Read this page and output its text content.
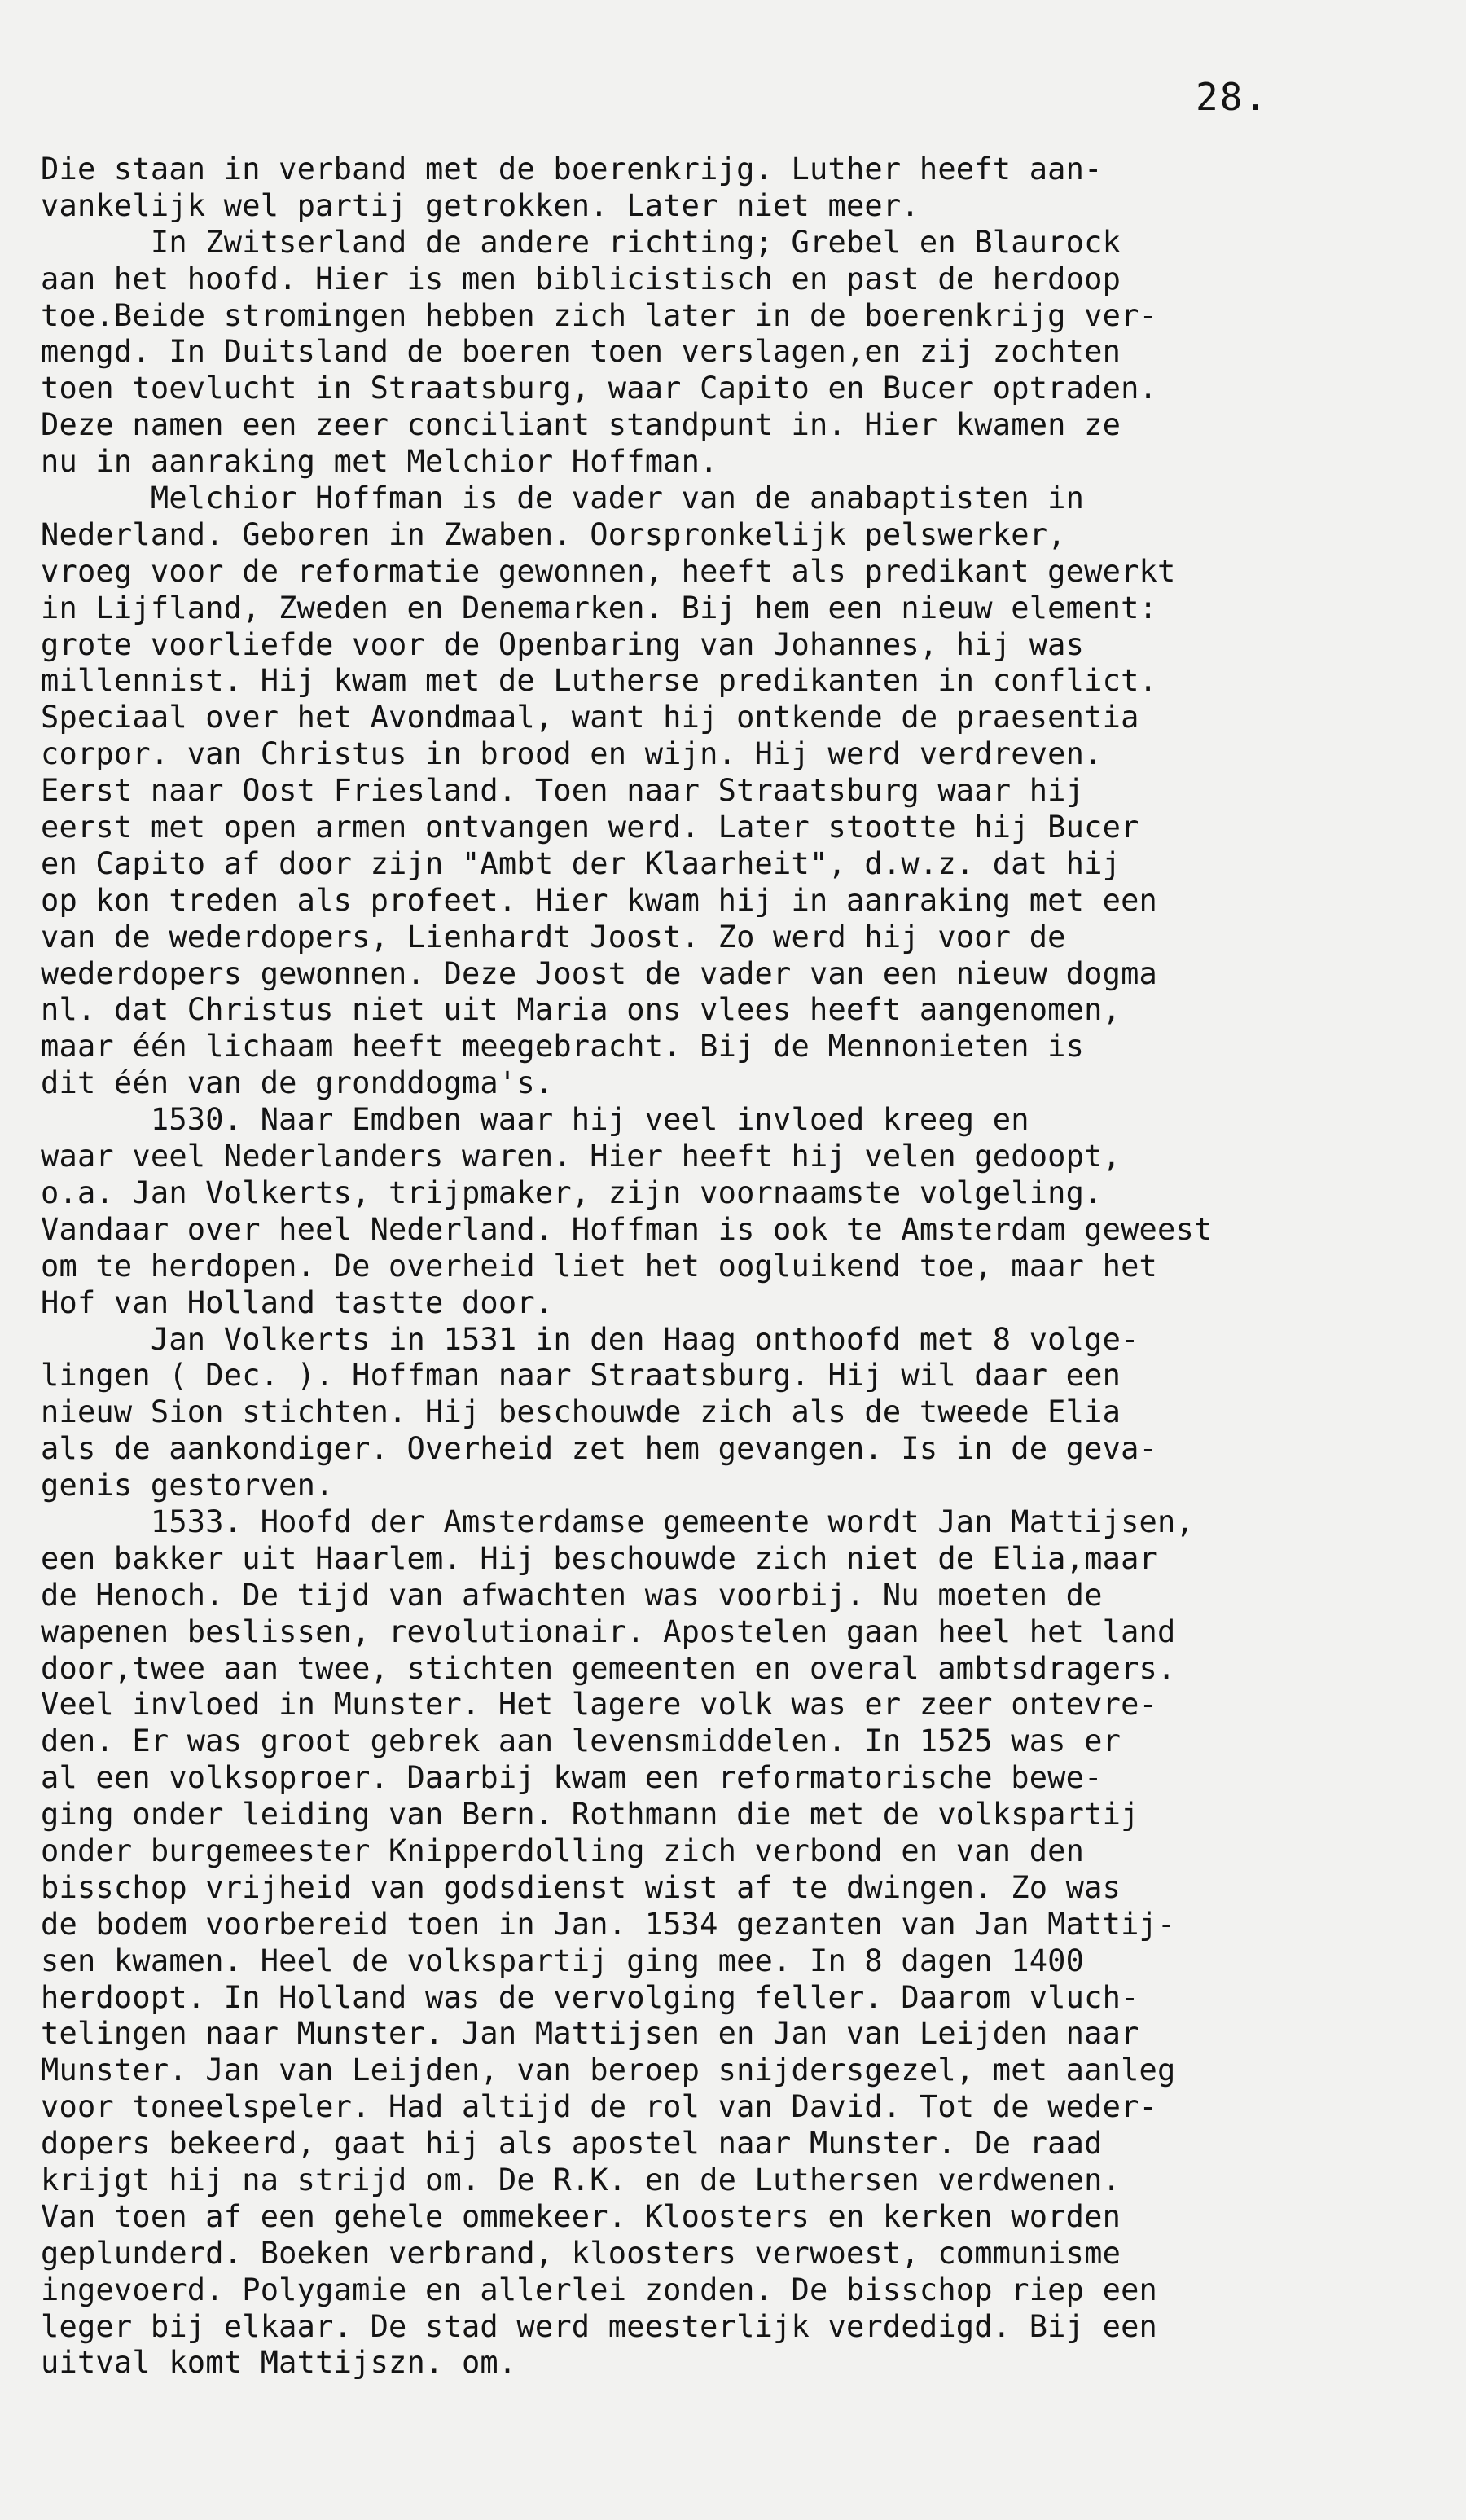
28.
Die staan in verband met de boerenkrijg. Luther heeft aan-
vankelijk wel partij getrokken. Later niet meer.
In Zwitserland de andere richting; Grebel en Blaurock
aan het hoofd. Hier is men biblicistisch en past de herdoop
toe.Beide stromingen hebben zich later in de boerenkrijg ver-
mengd. In Duitsland de boeren toen verslagen,en zij zochten
toen toevlucht in Straatsburg, waar Capito en Bucer optraden.
Deze namen een zeer conciliant standpunt in. Hier kwamen ze
nu in aanraking met Melchior Hoffman.
Melchior Hoffman is de vader van de anabaptisten in
Nederland. Geboren in Zwaben. Oorspronkelijk pelswerker,
vroeg voor de reformatie gewonnen, heeft als predikant gewerkt
in Lijfland, Zweden en Denemarken. Bij hem een nieuw element:
grote voorliefde voor de Openbaring van Johannes, hij was
millennist. Hij kwam met de Lutherse predikanten in conflict.
Speciaal over het Avondmaal, want hij ontkende de praesentia
corpor. van Christus in brood en wijn. Hij werd verdreven.
Eerst naar Oost Friesland. Toen naar Straatsburg waar hij
eerst met open armen ontvangen werd. Later stootte hij Bucer
en Capito af door zijn "Ambt der Klaarheit", d.w.z. dat hij
op kon treden als profeet. Hier kwam hij in aanraking met een
van de wederdopers, Lienhardt Joost. Zo werd hij voor de
wederdopers gewonnen. Deze Joost de vader van een nieuw dogma
nl. dat Christus niet uit Maria ons vlees heeft aangenomen,
maar één lichaam heeft meegebracht. Bij de Mennonieten is
dit één van de gronddogma's.
1530. Naar Emdben waar hij veel invloed kreeg en
waar veel Nederlanders waren. Hier heeft hij velen gedoopt,
o.a. Jan Volkerts, trijpmaker, zijn voornaamste volgeling.
Vandaar over heel Nederland. Hoffman is ook te Amsterdam geweest
om te herdopen. De overheid liet het oogluikend toe, maar het
Hof van Holland tastte door.
Jan Volkerts in 1531 in den Haag onthoofd met 8 volge-
lingen ( Dec. ). Hoffman naar Straatsburg. Hij wil daar een
nieuw Sion stichten. Hij beschouwde zich als de tweede Elia
als de aankondiger. Overheid zet hem gevangen. Is in de geva-
genis gestorven.
1533. Hoofd der Amsterdamse gemeente wordt Jan Mattijsen,
een bakker uit Haarlem. Hij beschouwde zich niet de Elia,maar
de Henoch. De tijd van afwachten was voorbij. Nu moeten de
wapenen beslissen, revolutionair. Apostelen gaan heel het land
door,twee aan twee, stichten gemeenten en overal ambtsdragers.
Veel invloed in Munster. Het lagere volk was er zeer ontevre-
den. Er was groot gebrek aan levensmiddelen. In 1525 was er
al een volksoproer. Daarbij kwam een reformatorische bewe-
ging onder leiding van Bern. Rothmann die met de volkspartij
onder burgemeester Knipperdolling zich verbond en van den
bisschop vrijheid van godsdienst wist af te dwingen. Zo was
de bodem voorbereid toen in Jan. 1534 gezanten van Jan Mattij-
sen kwamen. Heel de volkspartij ging mee. In 8 dagen 1400
herdoopt. In Holland was de vervolging feller. Daarom vluch-
telingen naar Munster. Jan Mattijsen en Jan van Leijden naar
Munster. Jan van Leijden, van beroep snijdersgezel, met aanleg
voor toneelspeler. Had altijd de rol van David. Tot de weder-
dopers bekeerd, gaat hij als apostel naar Munster. De raad
krijgt hij na strijd om. De R.K. en de Luthersen verdwenen.
Van toen af een gehele ommekeer. Kloosters en kerken worden
geplunderd. Boeken verbrand, kloosters verwoest, communisme
ingevoerd. Polygamie en allerlei zonden. De bisschop riep een
leger bij elkaar. De stad werd meesterlijk verdedigd. Bij een
uitval komt Mattijszn. om.
